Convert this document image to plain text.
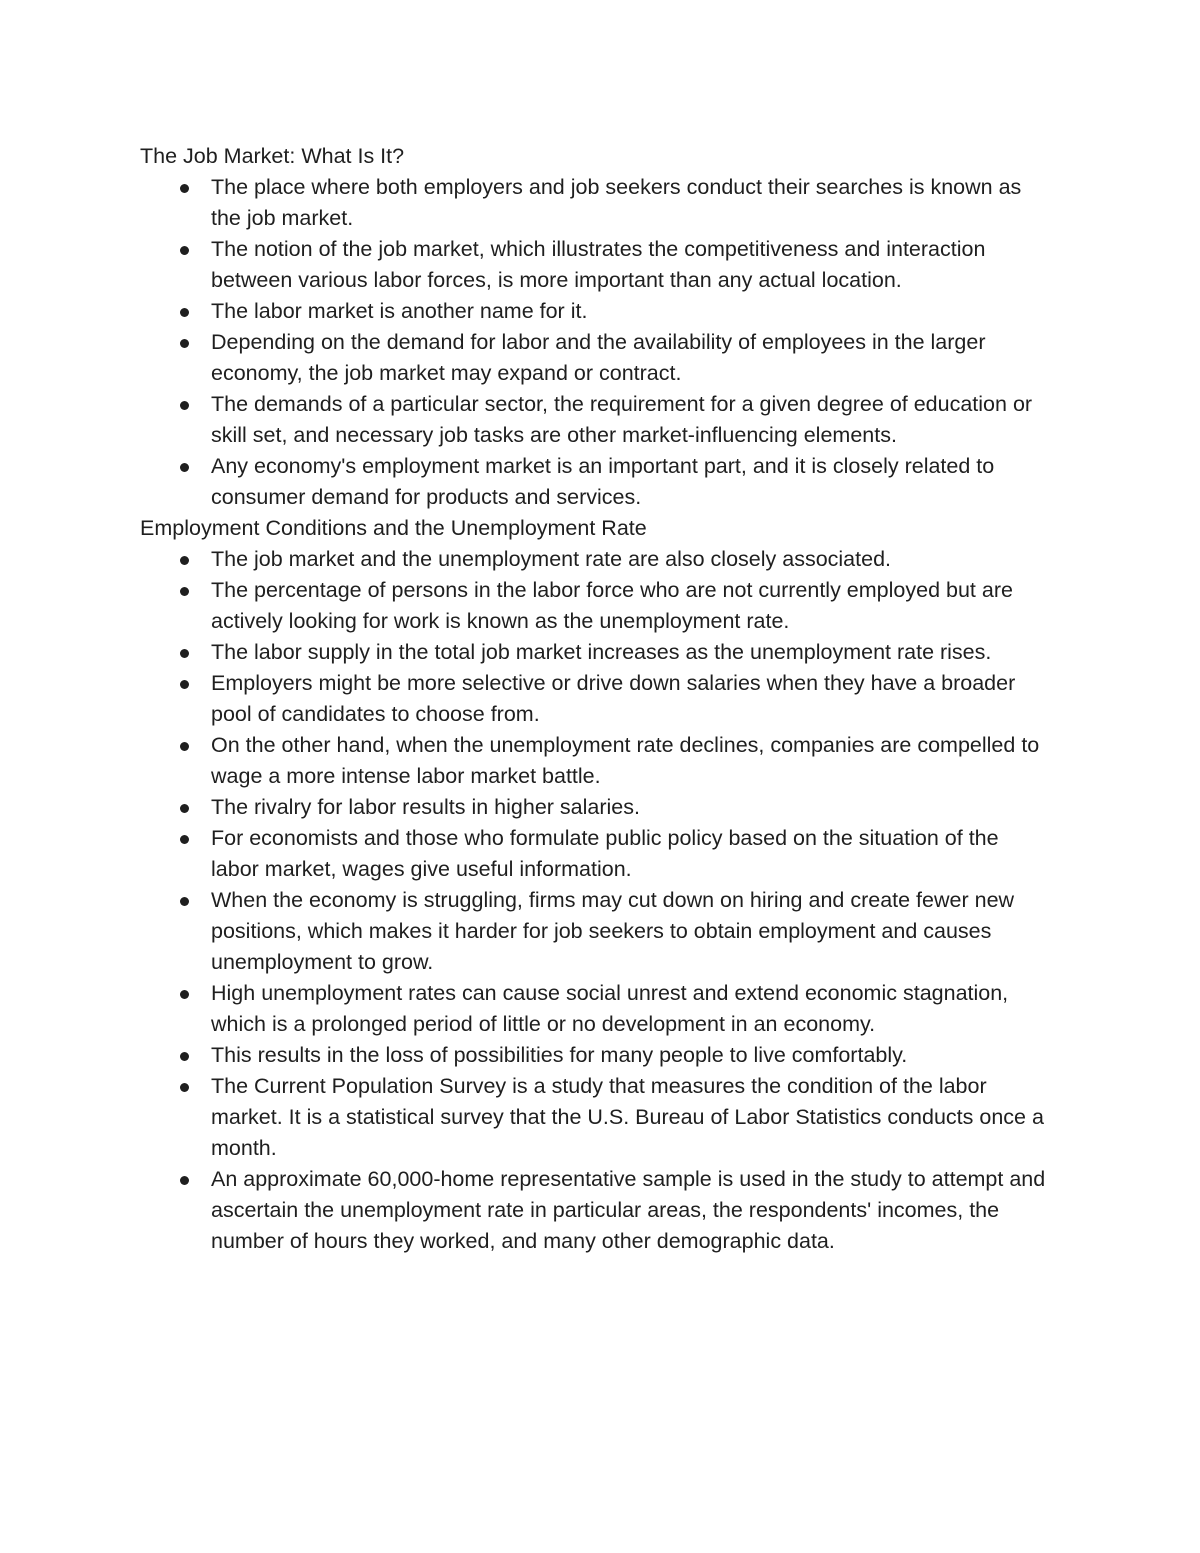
The Job Market: What Is It?

The place where both employers and job seekers conduct their searches is known as the job market.
The notion of the job market, which illustrates the competitiveness and interaction between various labor forces, is more important than any actual location.
The labor market is another name for it.
Depending on the demand for labor and the availability of employees in the larger economy, the job market may expand or contract.
The demands of a particular sector, the requirement for a given degree of education or skill set, and necessary job tasks are other market-influencing elements.
Any economy's employment market is an important part, and it is closely related to consumer demand for products and services.

Employment Conditions and the Unemployment Rate

The job market and the unemployment rate are also closely associated.
The percentage of persons in the labor force who are not currently employed but are actively looking for work is known as the unemployment rate.
The labor supply in the total job market increases as the unemployment rate rises.
Employers might be more selective or drive down salaries when they have a broader pool of candidates to choose from.
On the other hand, when the unemployment rate declines, companies are compelled to wage a more intense labor market battle.
The rivalry for labor results in higher salaries.
For economists and those who formulate public policy based on the situation of the labor market, wages give useful information.
When the economy is struggling, firms may cut down on hiring and create fewer new positions, which makes it harder for job seekers to obtain employment and causes unemployment to grow.
High unemployment rates can cause social unrest and extend economic stagnation, which is a prolonged period of little or no development in an economy.
This results in the loss of possibilities for many people to live comfortably.
The Current Population Survey is a study that measures the condition of the labor market. It is a statistical survey that the U.S. Bureau of Labor Statistics conducts once a month.
An approximate 60,000-home representative sample is used in the study to attempt and ascertain the unemployment rate in particular areas, the respondents' incomes, the number of hours they worked, and many other demographic data.
